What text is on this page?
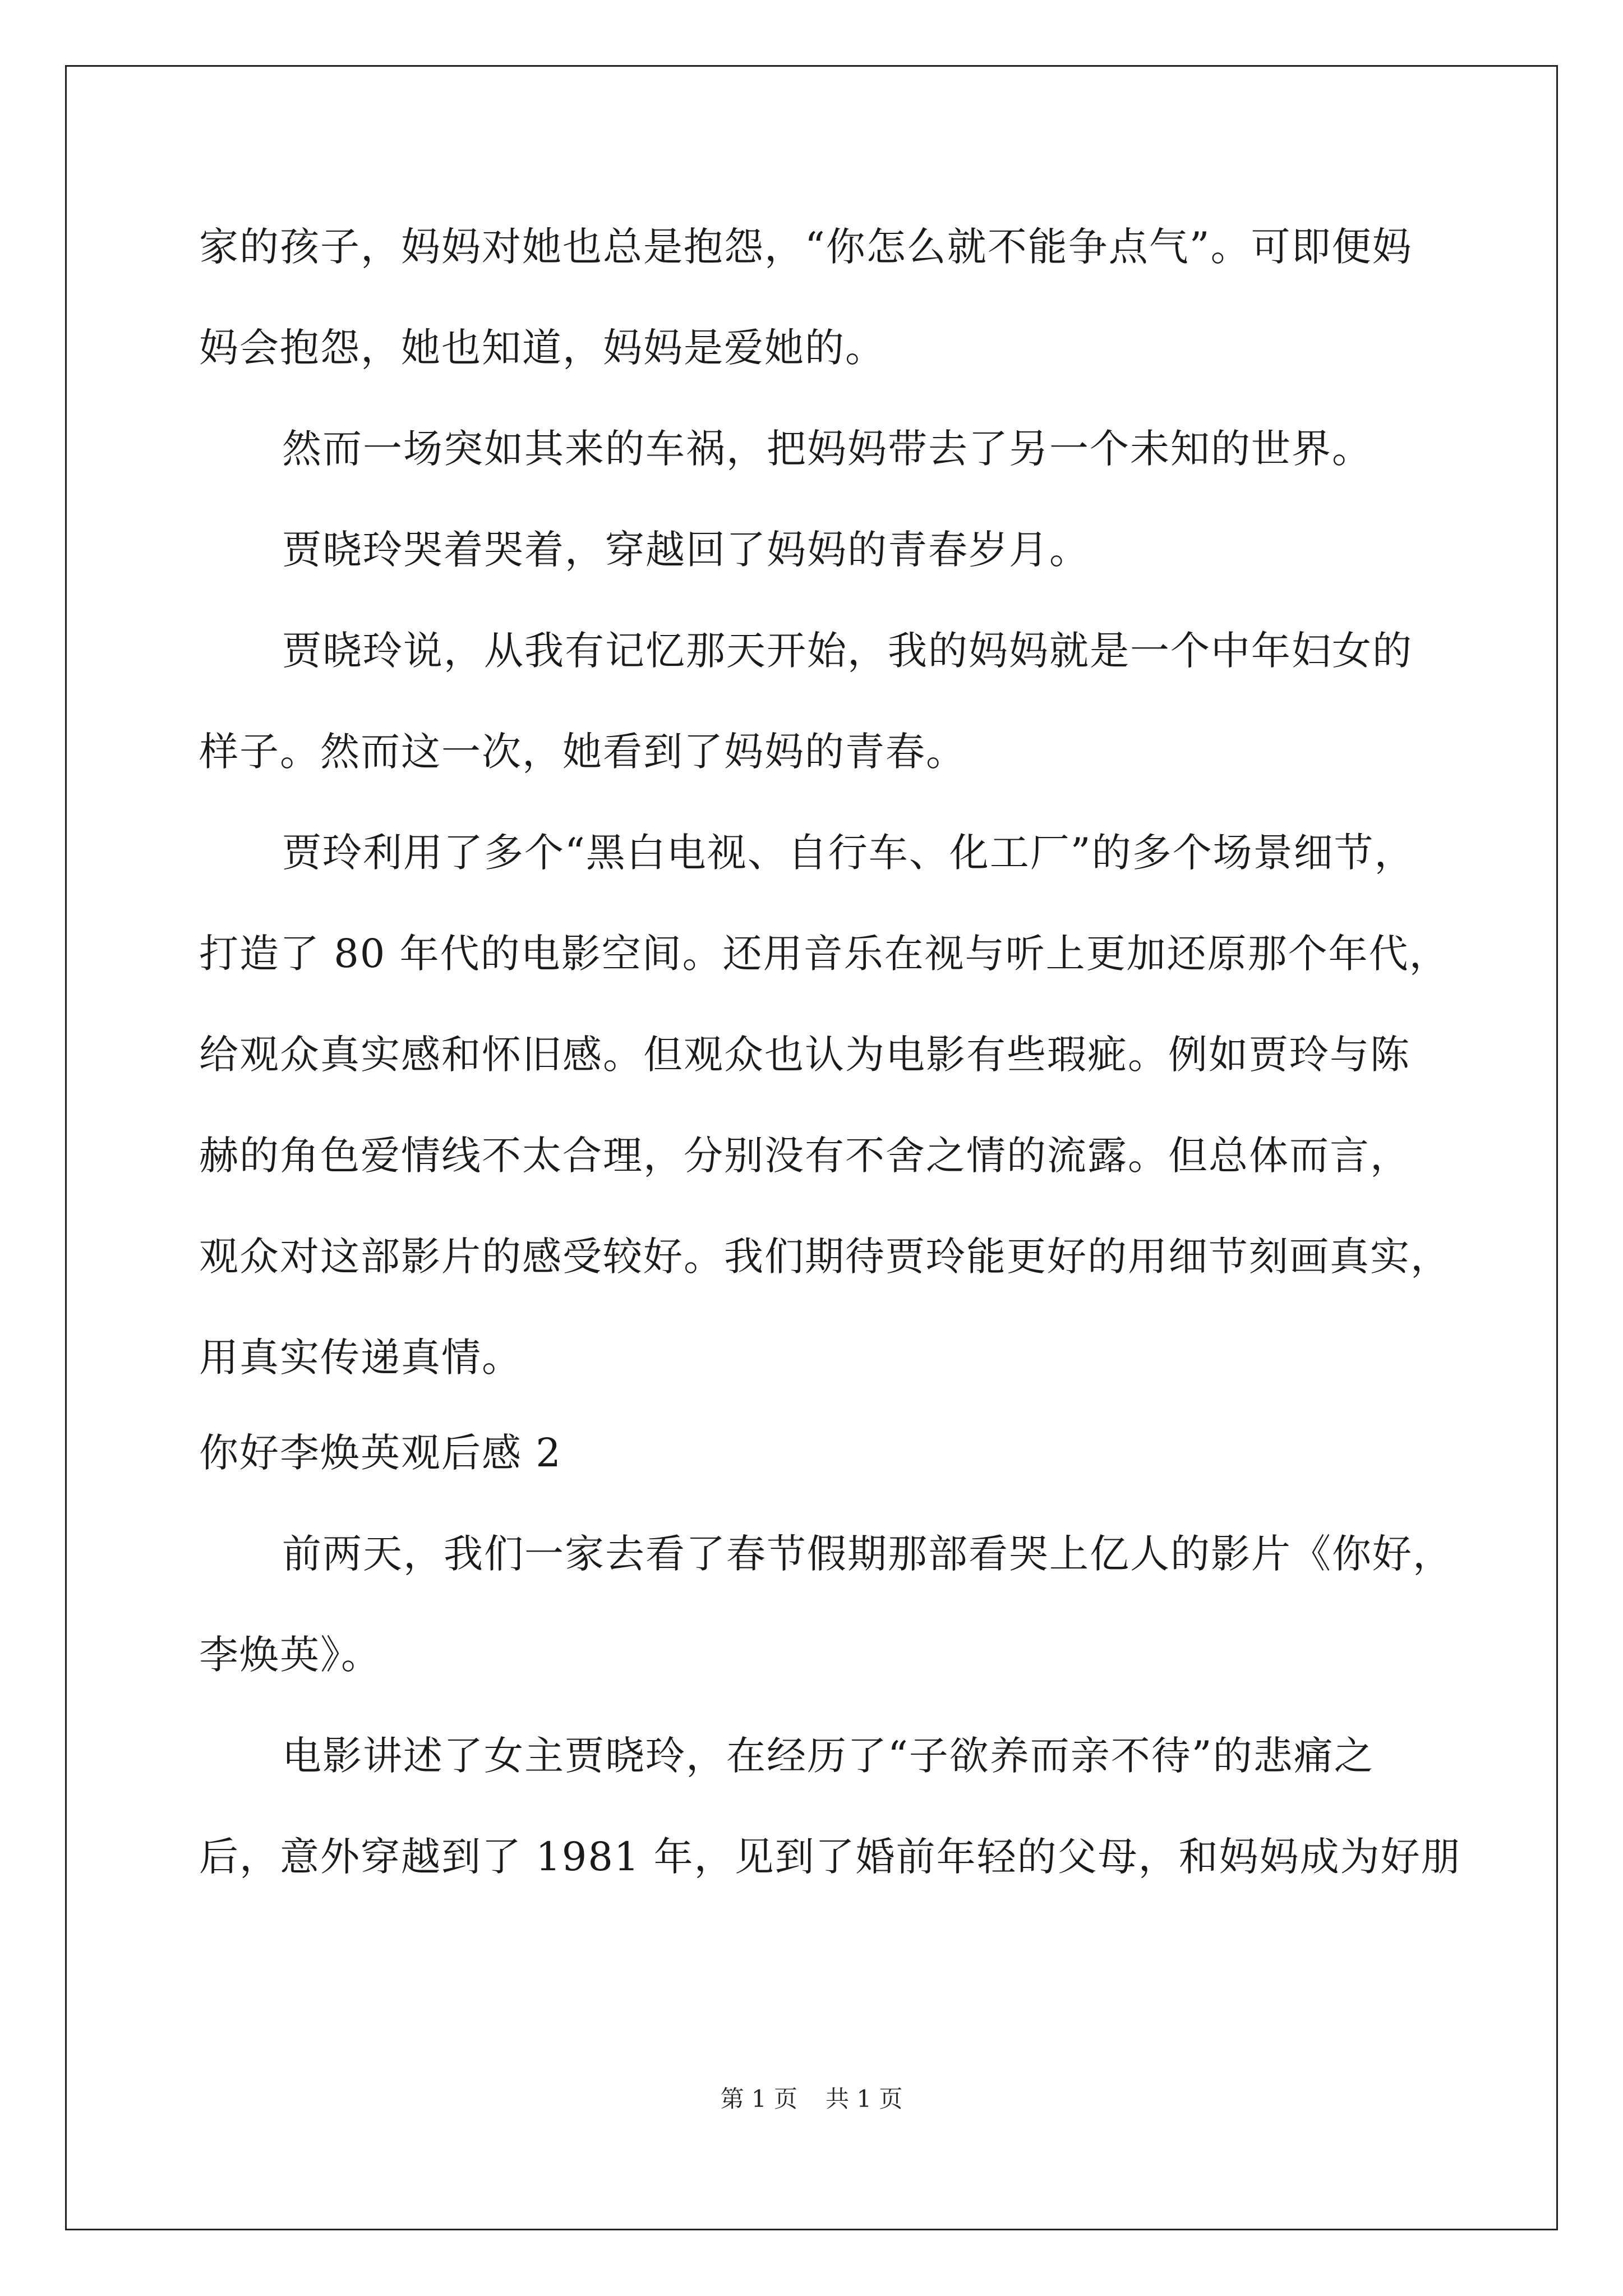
家的孩子，妈妈对她也总是抱怨，“你怎么就不能争点气”。可即便妈
妈会抱怨，她也知道，妈妈是爱她的。
然而一场突如其来的车祸，把妈妈带去了另一个未知的世界。
贾晓玲哭着哭着，穿越回了妈妈的青春岁月。
贾晓玲说，从我有记忆那天开始，我的妈妈就是一个中年妇女的
样子。然而这一次，她看到了妈妈的青春。
贾玲利用了多个“黑白电视、自行车、化工厂”的多个场景细节，
打造了 80 年代的电影空间。还用音乐在视与听上更加还原那个年代，
给观众真实感和怀旧感。但观众也认为电影有些瑕疵。例如贾玲与陈
赫的角色爱情线不太合理，分别没有不舍之情的流露。但总体而言，
观众对这部影片的感受较好。我们期待贾玲能更好的用细节刻画真实，
用真实传递真情。
你好李焕英观后感 2
前两天，我们一家去看了春节假期那部看哭上亿人的影片《你好，
李焕英》。
电影讲述了女主贾晓玲，在经历了“子欲养而亲不待”的悲痛之
后，意外穿越到了 1981 年，见到了婚前年轻的父母，和妈妈成为好朋
第 1 页 共 1 页
